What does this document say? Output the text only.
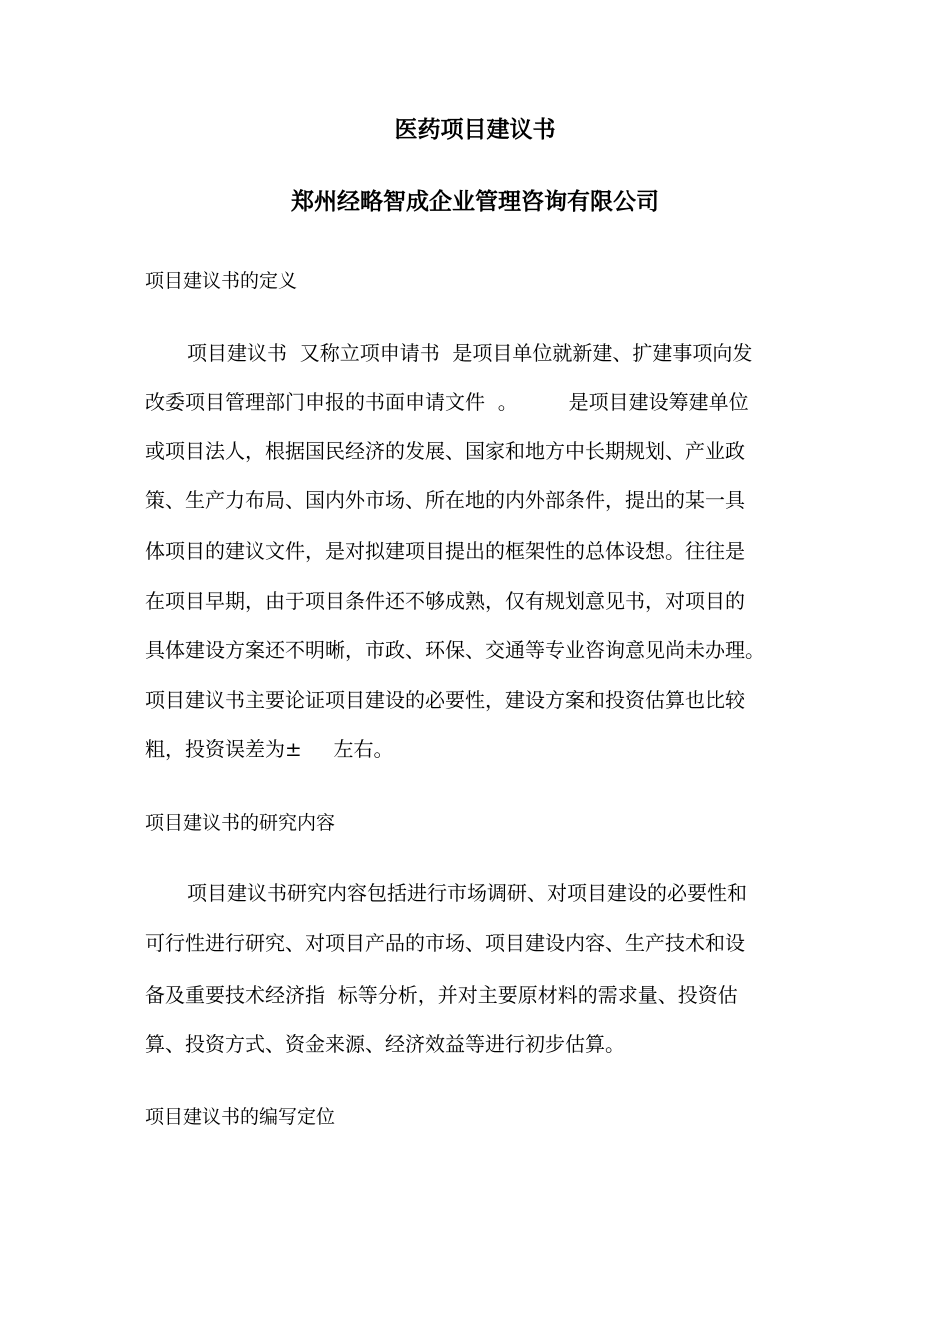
医药项目建议书
郑州经略智成企业管理咨询有限公司
项目建议书的定义
项目建议书  又称立项申请书  是项目单位就新建、扩建事项向发
改委项目管理部门申报的书面申请文件  。        是项目建设筹建单位
或项目法人，根据国民经济的发展、国家和地方中长期规划、产业政
策、生产力布局、国内外市场、所在地的内外部条件，提出的某一具
体项目的建议文件，是对拟建项目提出的框架性的总体设想。往往是
在项目早期，由于项目条件还不够成熟，仅有规划意见书，对项目的
具体建设方案还不明晰，市政、环保、交通等专业咨询意见尚未办理。
项目建议书主要论证项目建设的必要性，建设方案和投资估算也比较
粗，投资误差为±     左右。
项目建议书的研究内容
项目建议书研究内容包括进行市场调研、对项目建设的必要性和
可行性进行研究、对项目产品的市场、项目建设内容、生产技术和设
备及重要技术经济指  标等分析，并对主要原材料的需求量、投资估
算、投资方式、资金来源、经济效益等进行初步估算。
项目建议书的编写定位
